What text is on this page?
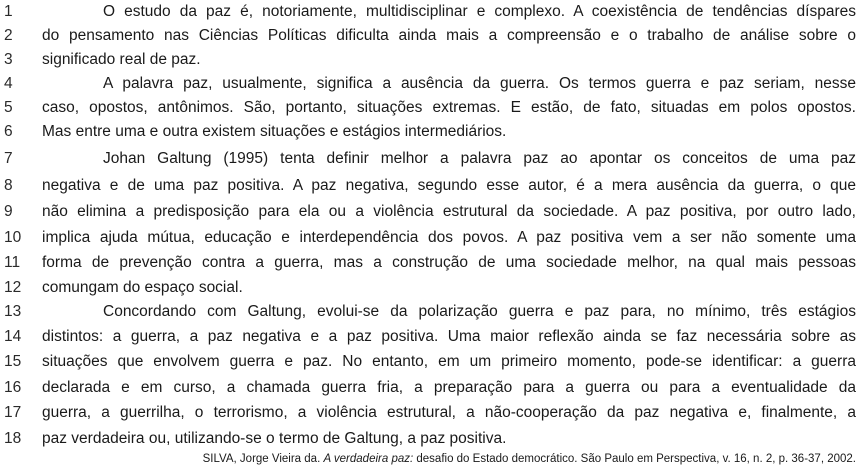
1	O estudo da paz é, notoriamente, multidisciplinar e complexo. A coexistência de tendências díspares
2	do pensamento nas Ciências Políticas dificulta ainda mais a compreensão e o trabalho de análise sobre o
3	significado real de paz.
4	A palavra paz, usualmente, significa a ausência da guerra. Os termos guerra e paz seriam, nesse
5	caso, opostos, antônimos. São, portanto, situações extremas. E estão, de fato, situadas em polos opostos.
6	Mas entre uma e outra existem situações e estágios intermediários.
7	Johan Galtung (1995) tenta definir melhor a palavra paz ao apontar os conceitos de uma paz
8	negativa e de uma paz positiva. A paz negativa, segundo esse autor, é a mera ausência da guerra, o que
9	não elimina a predisposição para ela ou a violência estrutural da sociedade. A paz positiva, por outro lado,
10	implica ajuda mútua, educação e interdependência dos povos. A paz positiva vem a ser não somente uma
11	forma de prevenção contra a guerra, mas a construção de uma sociedade melhor, na qual mais pessoas
12	comungam do espaço social.
13	Concordando com Galtung, evolui-se da polarização guerra e paz para, no mínimo, três estágios
14	distintos: a guerra, a paz negativa e a paz positiva. Uma maior reflexão ainda se faz necessária sobre as
15	situações que envolvem guerra e paz. No entanto, em um primeiro momento, pode-se identificar: a guerra
16	declarada e em curso, a chamada guerra fria, a preparação para a guerra ou para a eventualidade da
17	guerra, a guerrilha, o terrorismo, a violência estrutural, a não-cooperação da paz negativa e, finalmente, a
18	paz verdadeira ou, utilizando-se o termo de Galtung, a paz positiva.
SILVA, Jorge Vieira da. A verdadeira paz: desafio do Estado democrático. São Paulo em Perspectiva, v. 16, n. 2, p. 36-37, 2002.
